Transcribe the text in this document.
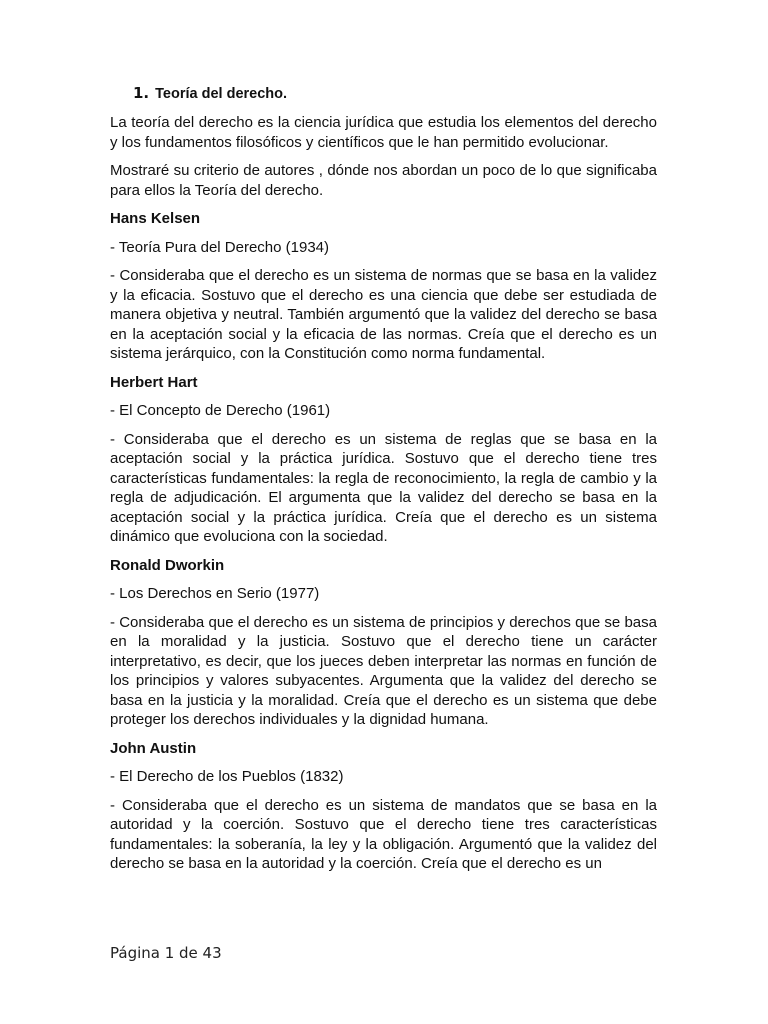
1. Teoría del derecho.

La teoría del derecho es la ciencia jurídica que estudia los elementos del derecho y los fundamentos filosóficos y científicos que le han permitido evolucionar.

Mostraré su criterio de autores , dónde nos abordan un poco de lo que significaba para ellos la Teoría del derecho.

Hans Kelsen

- Teoría Pura del Derecho (1934)

- Consideraba que el derecho es un sistema de normas que se basa en la validez y la eficacia. Sostuvo que el derecho es una ciencia que debe ser estudiada de manera objetiva y neutral. También argumentó que la validez del derecho se basa en la aceptación social y la eficacia de las normas. Creía que el derecho es un sistema jerárquico, con la Constitución como norma fundamental.

Herbert Hart

- El Concepto de Derecho (1961)

- Consideraba que el derecho es un sistema de reglas que se basa en la aceptación social y la práctica jurídica. Sostuvo que el derecho tiene tres características fundamentales: la regla de reconocimiento, la regla de cambio y la regla de adjudicación. El argumenta que la validez del derecho se basa en la aceptación social y la práctica jurídica. Creía que el derecho es un sistema dinámico que evoluciona con la sociedad.

Ronald Dworkin

- Los Derechos en Serio (1977)

- Consideraba que el derecho es un sistema de principios y derechos que se basa en la moralidad y la justicia. Sostuvo que el derecho tiene un carácter interpretativo, es decir, que los jueces deben interpretar las normas en función de los principios y valores subyacentes. Argumenta que la validez del derecho se basa en la justicia y la moralidad. Creía que el derecho es un sistema que debe proteger los derechos individuales y la dignidad humana.

John Austin

- El Derecho de los Pueblos (1832)

- Consideraba que el derecho es un sistema de mandatos que se basa en la autoridad y la coerción. Sostuvo que el derecho tiene tres características fundamentales: la soberanía, la ley y la obligación. Argumentó que la validez del derecho se basa en la autoridad y la coerción. Creía que el derecho es un

Página 1 de 43
